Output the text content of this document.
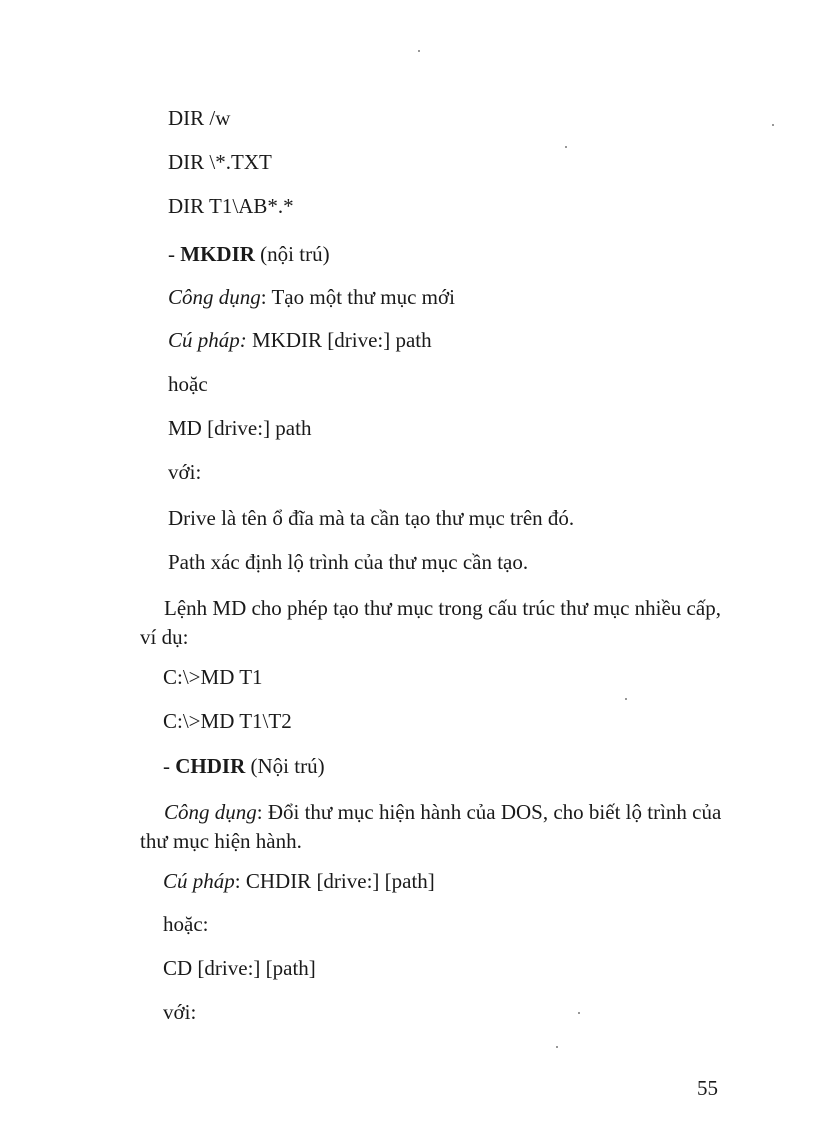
DIR /w
DIR \*.TXT
DIR T1\AB*.*
- MKDIR (nội trú)
Công dụng: Tạo một thư mục mới
Cú pháp: MKDIR [drive:] path
hoặc
MD [drive:] path
với:
Drive là tên ổ đĩa mà ta cần tạo thư mục trên đó.
Path xác định lộ trình của thư mục cần tạo.
Lệnh MD cho phép tạo thư mục trong cấu trúc thư mục nhiều cấp, ví dụ:
C:\>MD T1
C:\>MD T1\T2
- CHDIR (Nội trú)
Công dụng: Đổi thư mục hiện hành của DOS, cho biết lộ trình của thư mục hiện hành.
Cú pháp: CHDIR [drive:] [path]
hoặc:
CD [drive:] [path]
với:
55
